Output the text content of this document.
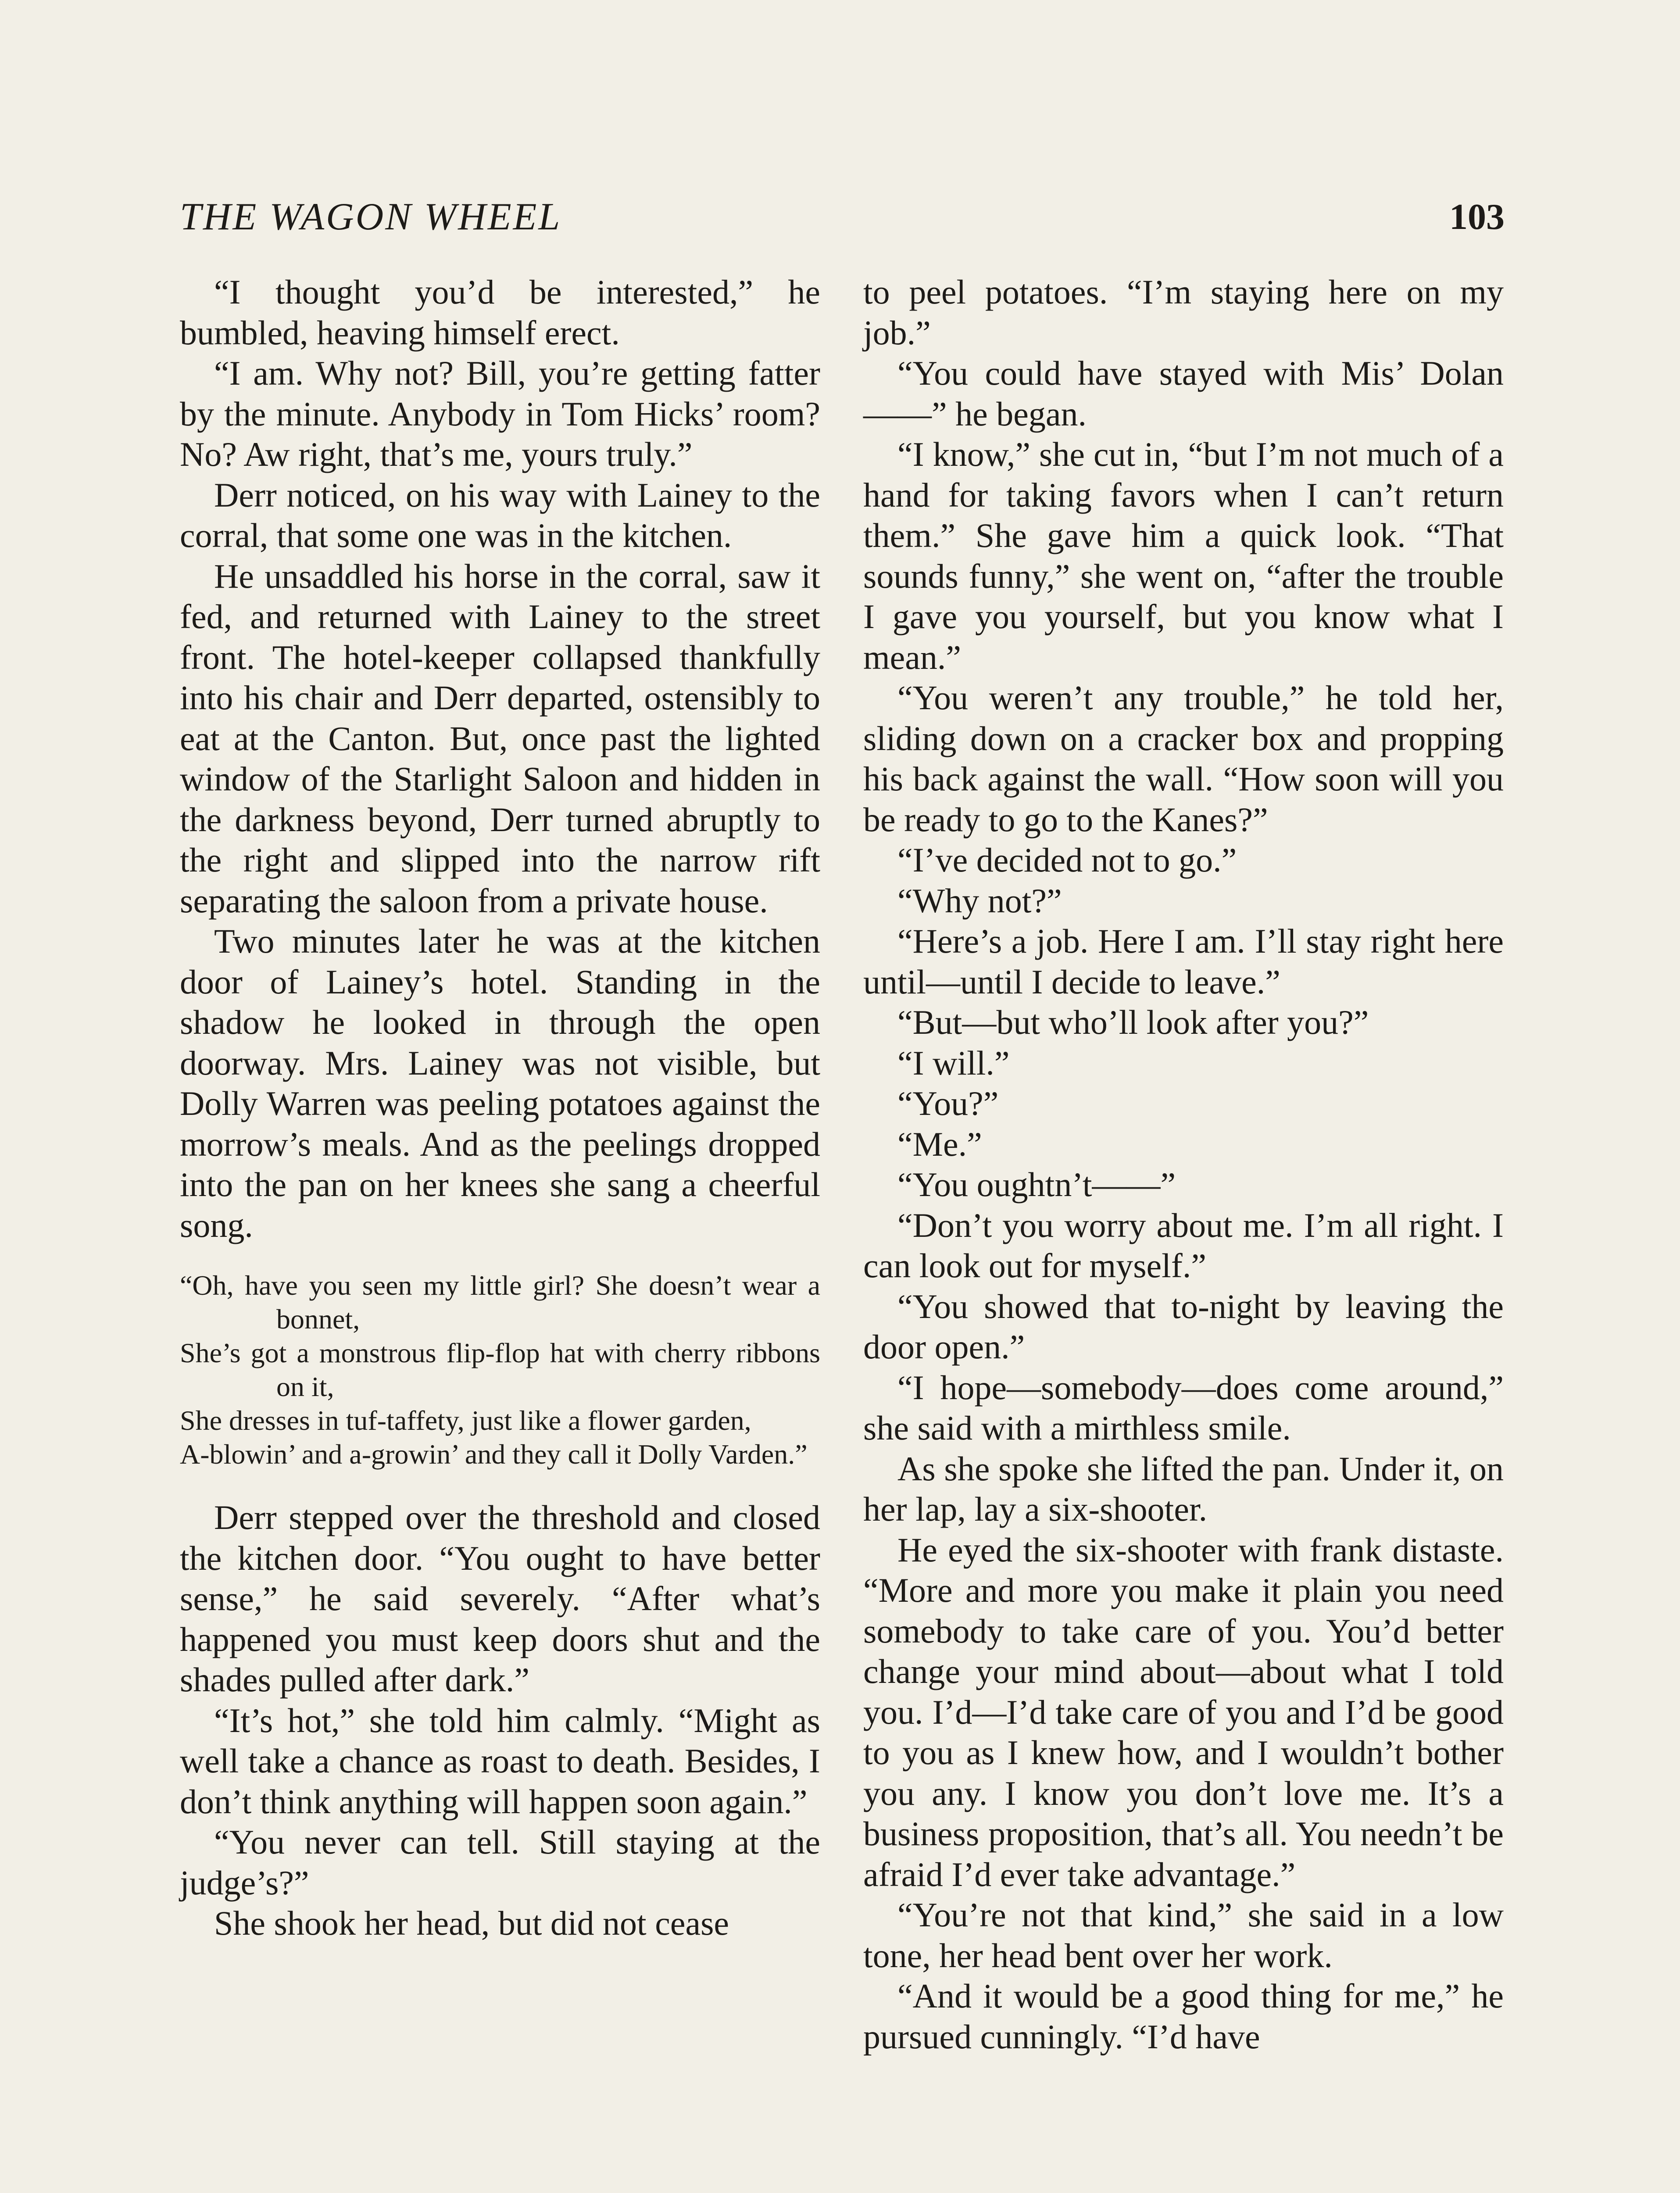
THE WAGON WHEEL	103

“I thought you’d be interested,” he bumbled, heaving himself erect.

“I am. Why not? Bill, you’re getting fatter by the minute. Anybody in Tom Hicks’ room? No? Aw right, that’s me, yours truly.”

Derr noticed, on his way with Lainey to the corral, that some one was in the kitchen.

He unsaddled his horse in the corral, saw it fed, and returned with Lainey to the street front. The hotel-keeper collapsed thankfully into his chair and Derr departed, ostensibly to eat at the Canton. But, once past the lighted window of the Starlight Saloon and hidden in the darkness beyond, Derr turned abruptly to the right and slipped into the narrow rift separating the saloon from a private house.

Two minutes later he was at the kitchen door of Lainey’s hotel. Standing in the shadow he looked in through the open doorway. Mrs. Lainey was not visible, but Dolly Warren was peeling potatoes against the morrow’s meals. And as the peelings dropped into the pan on her knees she sang a cheerful song.

“Oh, have you seen my little girl? She doesn’t wear a bonnet,

She’s got a monstrous flip-flop hat with cherry ribbons on it,

She dresses in tuf-taffety, just like a flower garden,

A-blowin’ and a-growin’ and they call it Dolly Varden.”

Derr stepped over the threshold and closed the kitchen door. “You ought to have better sense,” he said severely. “After what’s happened you must keep doors shut and the shades pulled after dark.”

“It’s hot,” she told him calmly. “Might as well take a chance as roast to death. Besides, I don’t think anything will happen soon again.”

“You never can tell. Still staying at the judge’s?”

She shook her head, but did not cease

to peel potatoes. “I’m staying here on my job.”

“You could have stayed with Mis’ Dolan——” he began.

“I know,” she cut in, “but I’m not much of a hand for taking favors when I can’t return them.” She gave him a quick look. “That sounds funny,” she went on, “after the trouble I gave you yourself, but you know what I mean.”

“You weren’t any trouble,” he told her, sliding down on a cracker box and propping his back against the wall. “How soon will you be ready to go to the Kanes?”

“I’ve decided not to go.”

“Why not?”

“Here’s a job. Here I am. I’ll stay right here until—until I decide to leave.”

“But—but who’ll look after you?”

“I will.”

“You?”

“Me.”

“You oughtn’t——”

“Don’t you worry about me. I’m all right. I can look out for myself.”

“You showed that to-night by leaving the door open.”

“I hope—somebody—does come around,” she said with a mirthless smile.

As she spoke she lifted the pan. Under it, on her lap, lay a six-shooter.

He eyed the six-shooter with frank distaste. “More and more you make it plain you need somebody to take care of you. You’d better change your mind about—about what I told you. I’d—I’d take care of you and I’d be good to you as I knew how, and I wouldn’t bother you any. I know you don’t love me. It’s a business proposition, that’s all. You needn’t be afraid I’d ever take advantage.”

“You’re not that kind,” she said in a low tone, her head bent over her work.

“And it would be a good thing for me,” he pursued cunningly. “I’d have
